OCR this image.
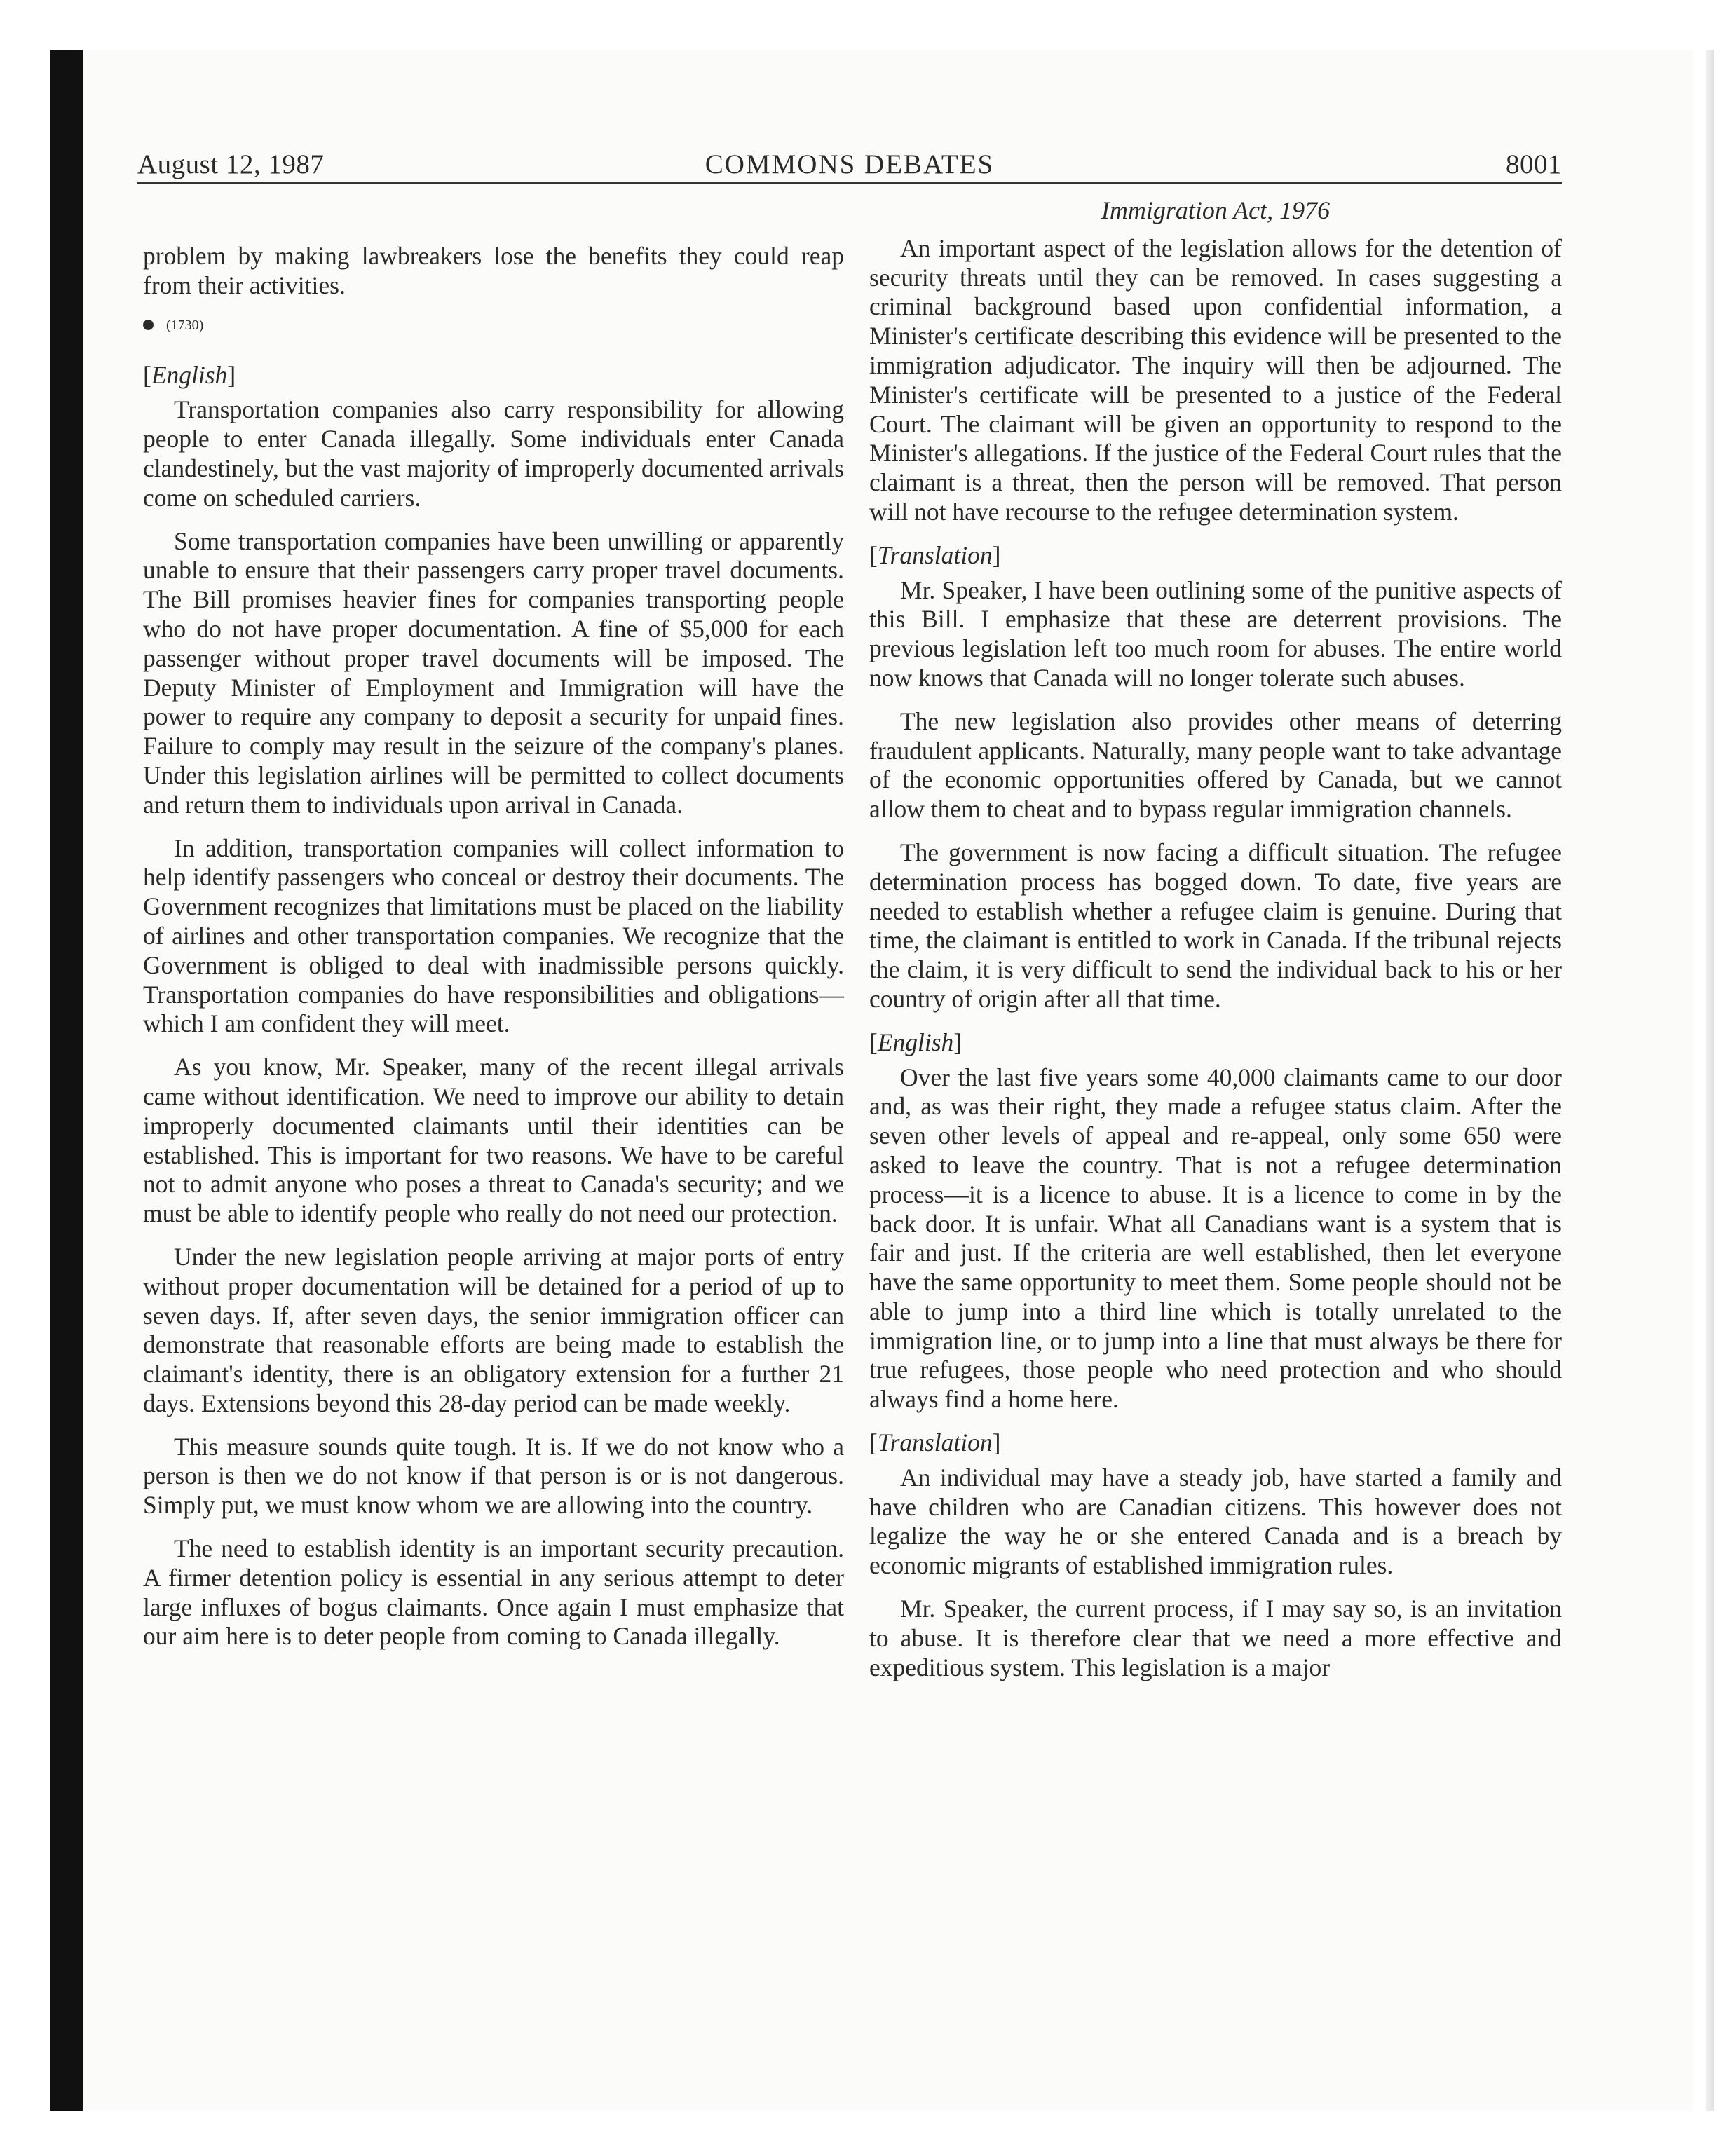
August 12, 1987	COMMONS DEBATES	8001

problem by making lawbreakers lose the benefits they could reap from their activities.

(1730)
[English]

Transportation companies also carry responsibility for allowing people to enter Canada illegally. Some individuals enter Canada clandestinely, but the vast majority of improperly documented arrivals come on scheduled carriers.

Some transportation companies have been unwilling or apparently unable to ensure that their passengers carry proper travel documents. The Bill promises heavier fines for companies transporting people who do not have proper documentation. A fine of $5,000 for each passenger without proper travel documents will be imposed. The Deputy Minister of Employment and Immigration will have the power to require any company to deposit a security for unpaid fines. Failure to comply may result in the seizure of the company's planes. Under this legislation airlines will be permitted to collect documents and return them to individuals upon arrival in Canada.

In addition, transportation companies will collect information to help identify passengers who conceal or destroy their documents. The Government recognizes that limitations must be placed on the liability of airlines and other transportation companies. We recognize that the Government is obliged to deal with inadmissible persons quickly. Transportation companies do have responsibilities and obligations—which I am confident they will meet.

As you know, Mr. Speaker, many of the recent illegal arrivals came without identification. We need to improve our ability to detain improperly documented claimants until their identities can be established. This is important for two reasons. We have to be careful not to admit anyone who poses a threat to Canada's security; and we must be able to identify people who really do not need our protection.

Under the new legislation people arriving at major ports of entry without proper documentation will be detained for a period of up to seven days. If, after seven days, the senior immigration officer can demonstrate that reasonable efforts are being made to establish the claimant's identity, there is an obligatory extension for a further 21 days. Extensions beyond this 28-day period can be made weekly.

This measure sounds quite tough. It is. If we do not know who a person is then we do not know if that person is or is not dangerous. Simply put, we must know whom we are allowing into the country.

The need to establish identity is an important security precaution. A firmer detention policy is essential in any serious attempt to deter large influxes of bogus claimants. Once again I must emphasize that our aim here is to deter people from coming to Canada illegally.

Immigration Act, 1976

An important aspect of the legislation allows for the detention of security threats until they can be removed. In cases suggesting a criminal background based upon confidential information, a Minister's certificate describing this evidence will be presented to the immigration adjudicator. The inquiry will then be adjourned. The Minister's certificate will be presented to a justice of the Federal Court. The claimant will be given an opportunity to respond to the Minister's allegations. If the justice of the Federal Court rules that the claimant is a threat, then the person will be removed. That person will not have recourse to the refugee determination system.

[Translation]

Mr. Speaker, I have been outlining some of the punitive aspects of this Bill. I emphasize that these are deterrent provisions. The previous legislation left too much room for abuses. The entire world now knows that Canada will no longer tolerate such abuses.

The new legislation also provides other means of deterring fraudulent applicants. Naturally, many people want to take advantage of the economic opportunities offered by Canada, but we cannot allow them to cheat and to bypass regular immigration channels.

The government is now facing a difficult situation. The refugee determination process has bogged down. To date, five years are needed to establish whether a refugee claim is genuine. During that time, the claimant is entitled to work in Canada. If the tribunal rejects the claim, it is very difficult to send the individual back to his or her country of origin after all that time.

[English]

Over the last five years some 40,000 claimants came to our door and, as was their right, they made a refugee status claim. After the seven other levels of appeal and re-appeal, only some 650 were asked to leave the country. That is not a refugee determination process—it is a licence to abuse. It is a licence to come in by the back door. It is unfair. What all Canadians want is a system that is fair and just. If the criteria are well established, then let everyone have the same opportunity to meet them. Some people should not be able to jump into a third line which is totally unrelated to the immigration line, or to jump into a line that must always be there for true refugees, those people who need protection and who should always find a home here.

[Translation]

An individual may have a steady job, have started a family and have children who are Canadian citizens. This however does not legalize the way he or she entered Canada and is a breach by economic migrants of established immigration rules.

Mr. Speaker, the current process, if I may say so, is an invitation to abuse. It is therefore clear that we need a more effective and expeditious system. This legislation is a major
